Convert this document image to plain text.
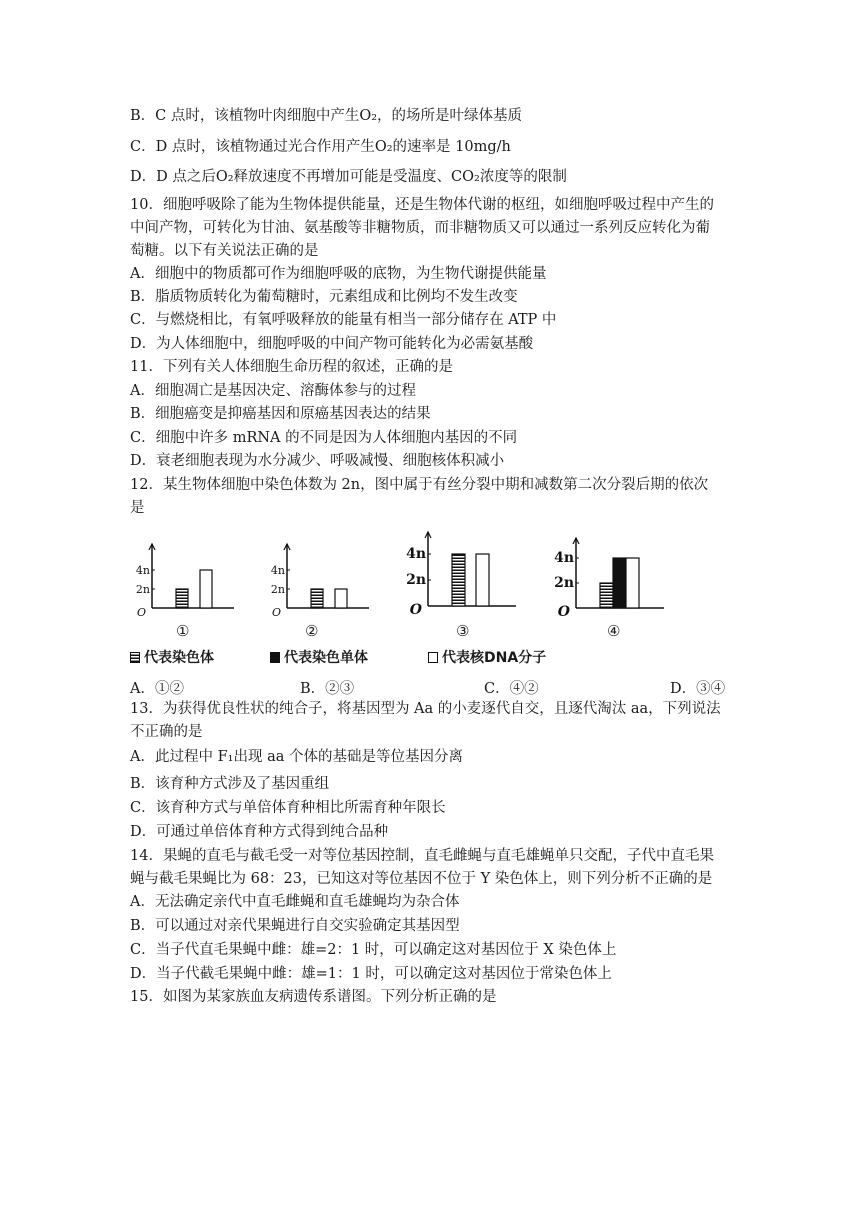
B．C 点时，该植物叶肉细胞中产生O₂，的场所是叶绿体基质
C．D 点时，该植物通过光合作用产生O₂的速率是 10mg/h
D．D 点之后O₂释放速度不再增加可能是受温度、CO₂浓度等的限制
10．细胞呼吸除了能为生物体提供能量，还是生物体代谢的枢纽，如细胞呼吸过程中产生的
中间产物，可转化为甘油、氨基酸等非糖物质，而非糖物质又可以通过一系列反应转化为葡
萄糖。以下有关说法正确的是
A．细胞中的物质都可作为细胞呼吸的底物，为生物代谢提供能量
B．脂质物质转化为葡萄糖时，元素组成和比例均不发生改变
C．与燃烧相比，有氧呼吸释放的能量有相当一部分储存在 ATP 中
D．为人体细胞中，细胞呼吸的中间产物可能转化为必需氨基酸
11．下列有关人体细胞生命历程的叙述，正确的是
A．细胞凋亡是基因决定、溶酶体参与的过程
B．细胞癌变是抑癌基因和原癌基因表达的结果
C．细胞中许多 mRNA 的不同是因为人体细胞内基因的不同
D．衰老细胞表现为水分减少、呼吸减慢、细胞核体积减小
12．某生物体细胞中染色体数为 2n，图中属于有丝分裂中期和减数第二次分裂后期的依次
是
4n
2n
O
4n
2n
O
4n
2n
O
4n
2n
O
①	②	③	④
代表染色体	代表染色单体	代表核DNA分子
A．①②	B．②③	C．④②	D．③④
13．为获得优良性状的纯合子，将基因型为 Aa 的小麦逐代自交，且逐代淘汰 aa，下列说法
不正确的是
A．此过程中 F₁出现 aa 个体的基础是等位基因分离
B．该育种方式涉及了基因重组
C．该育种方式与单倍体育种相比所需育种年限长
D．可通过单倍体育种方式得到纯合品种
14．果蝇的直毛与截毛受一对等位基因控制，直毛雌蝇与直毛雄蝇单只交配，子代中直毛果
蝇与截毛果蝇比为 68：23，已知这对等位基因不位于 Y 染色体上，则下列分析不正确的是
A．无法确定亲代中直毛雌蝇和直毛雄蝇均为杂合体
B．可以通过对亲代果蝇进行自交实验确定其基因型
C．当子代直毛果蝇中雌：雄=2：1 时，可以确定这对基因位于 X 染色体上
D．当子代截毛果蝇中雌：雄=1：1 时，可以确定这对基因位于常染色体上
15．如图为某家族血友病遗传系谱图。下列分析正确的是
